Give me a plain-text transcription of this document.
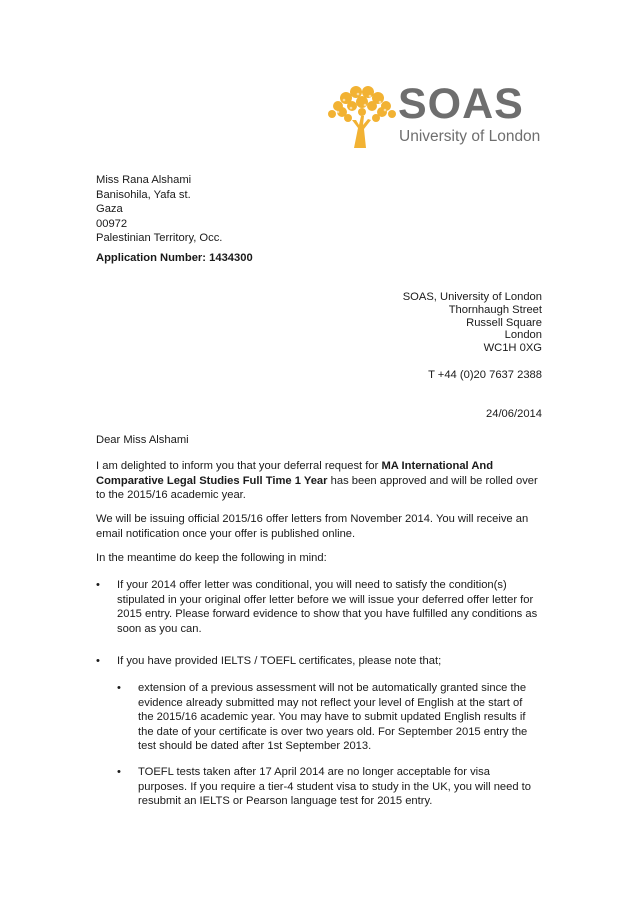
SOAS
University of London
Miss Rana Alshami
Banisohila, Yafa st.
Gaza
00972
Palestinian Territory, Occ.
Application Number: 1434300
SOAS, University of London
Thornhaugh Street
Russell Square
London
WC1H 0XG
T +44 (0)20 7637 2388
24/06/2014
Dear Miss Alshami
I am delighted to inform you that your deferral request for MA International And Comparative Legal Studies Full Time 1 Year has been approved and will be rolled over to the 2015/16 academic year.
We will be issuing official 2015/16 offer letters from November 2014. You will receive an email notification once your offer is published online.
In the meantime do keep the following in mind:
• If your 2014 offer letter was conditional, you will need to satisfy the condition(s) stipulated in your original offer letter before we will issue your deferred offer letter for 2015 entry. Please forward evidence to show that you have fulfilled any conditions as soon as you can.
• If you have provided IELTS / TOEFL certificates, please note that;
• extension of a previous assessment will not be automatically granted since the evidence already submitted may not reflect your level of English at the start of the 2015/16 academic year. You may have to submit updated English results if the date of your certificate is over two years old. For September 2015 entry the test should be dated after 1st September 2013.
• TOEFL tests taken after 17 April 2014 are no longer acceptable for visa purposes. If you require a tier-4 student visa to study in the UK, you will need to resubmit an IELTS or Pearson language test for 2015 entry.
